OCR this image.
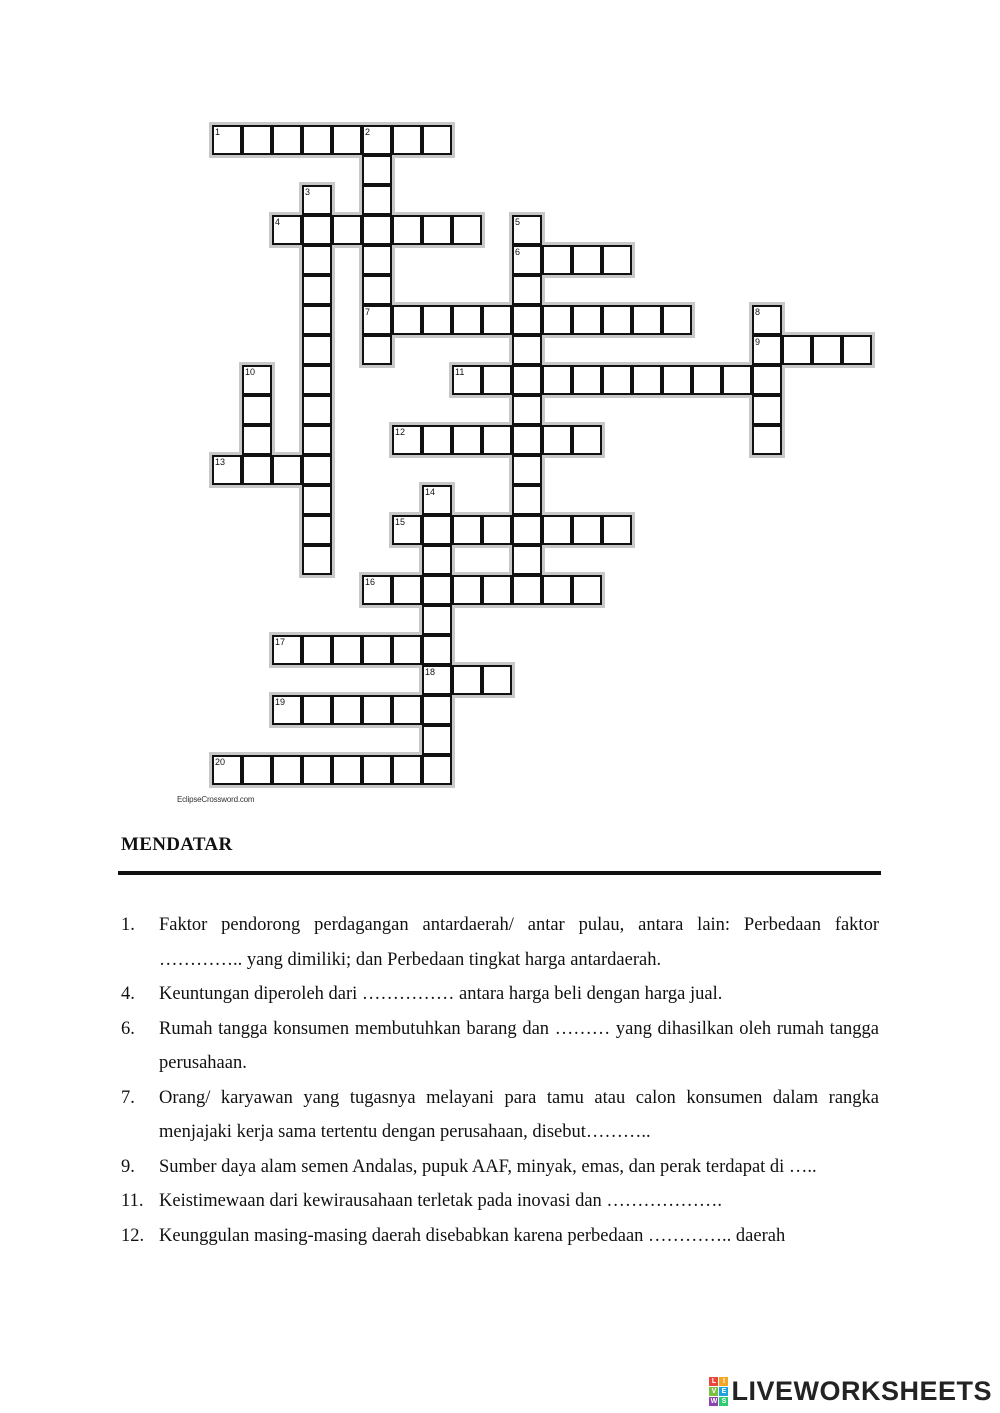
1	2
7
3
4	5
6
8
9
10	11
12
13
14
18
15
16
17
19
20
EclipseCrossword.com
MENDATAR
1. Faktor pendorong perdagangan antardaerah/ antar pulau, antara lain: Perbedaan faktor ………….. yang dimiliki; dan Perbedaan tingkat harga antardaerah.
4. Keuntungan diperoleh dari …………… antara harga beli dengan harga jual.
6. Rumah tangga konsumen membutuhkan barang dan ……… yang dihasilkan oleh rumah tangga perusahaan.
7. Orang/ karyawan yang tugasnya melayani para tamu atau calon konsumen dalam rangka menjajaki kerja sama tertentu dengan perusahaan, disebut………..
9. Sumber daya alam semen Andalas, pupuk AAF, minyak, emas, dan perak terdapat di …..
11. Keistimewaan dari kewirausahaan terletak pada inovasi dan ……………….
12. Keunggulan masing-masing daerah disebabkan karena perbedaan ………….. daerah
L I
V E
W S LIVEWORKSHEETS
